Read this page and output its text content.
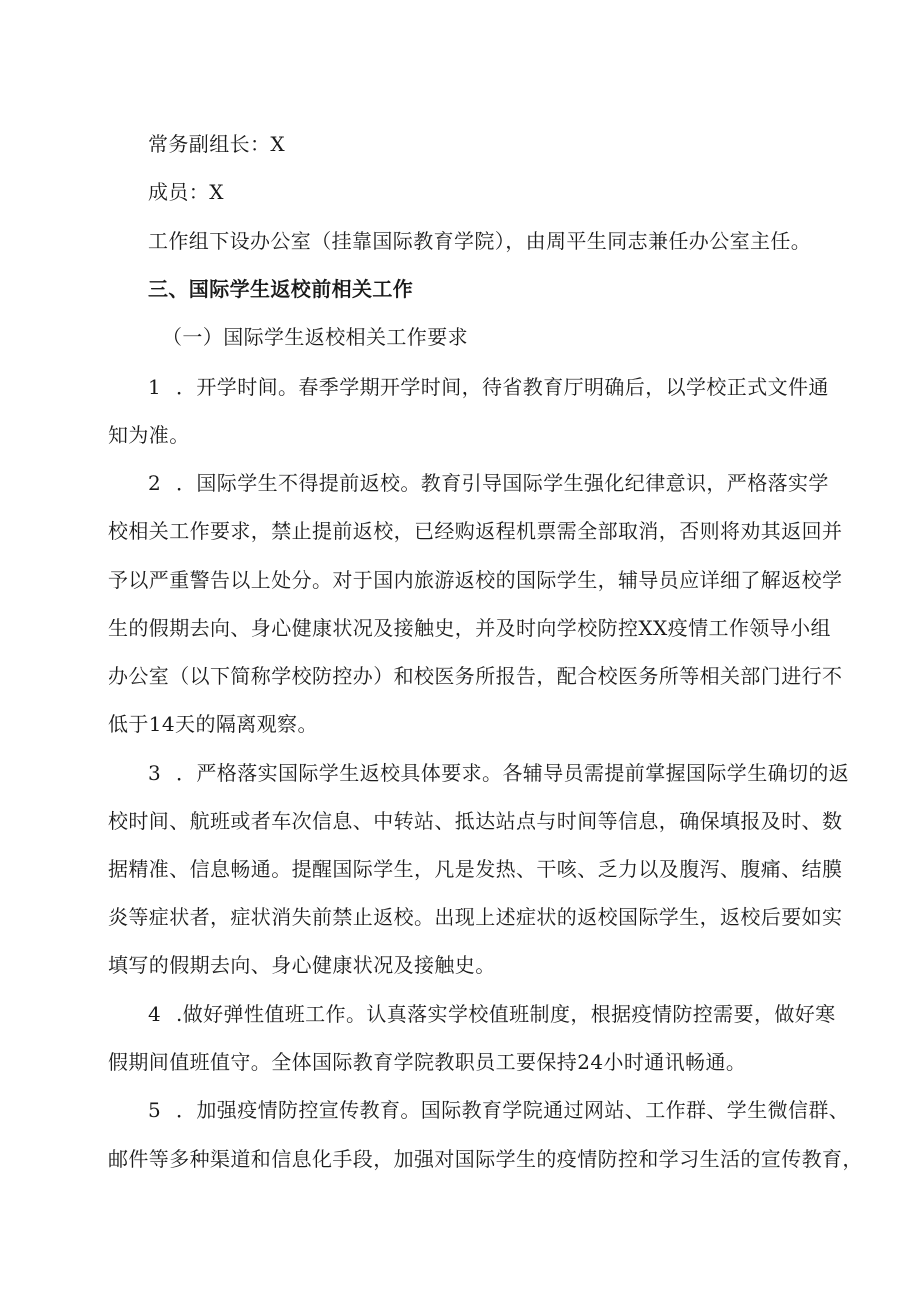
常务副组长：X
成员：X
工作组下设办公室（挂靠国际教育学院），由周平生同志兼任办公室主任。
三、国际学生返校前相关工作
（一）国际学生返校相关工作要求
1 ．开学时间。春季学期开学时间，待省教育厅明确后，以学校正式文件通
知为准。
2 ．国际学生不得提前返校。教育引导国际学生强化纪律意识，严格落实学
校相关工作要求，禁止提前返校，已经购返程机票需全部取消，否则将劝其返回并
予以严重警告以上处分。对于国内旅游返校的国际学生，辅导员应详细了解返校学
生的假期去向、身心健康状况及接触史，并及时向学校防控XX疫情工作领导小组
办公室（以下简称学校防控办）和校医务所报告，配合校医务所等相关部门进行不
低于14天的隔离观察。
3 ．严格落实国际学生返校具体要求。各辅导员需提前掌握国际学生确切的返
校时间、航班或者车次信息、中转站、抵达站点与时间等信息，确保填报及时、数
据精准、信息畅通。提醒国际学生，凡是发热、干咳、乏力以及腹泻、腹痛、结膜
炎等症状者，症状消失前禁止返校。出现上述症状的返校国际学生，返校后要如实
填写的假期去向、身心健康状况及接触史。
4 .做好弹性值班工作。认真落实学校值班制度，根据疫情防控需要，做好寒
假期间值班值守。全体国际教育学院教职员工要保持24小时通讯畅通。
5 ．加强疫情防控宣传教育。国际教育学院通过网站、工作群、学生微信群、
邮件等多种渠道和信息化手段，加强对国际学生的疫情防控和学习生活的宣传教育，
